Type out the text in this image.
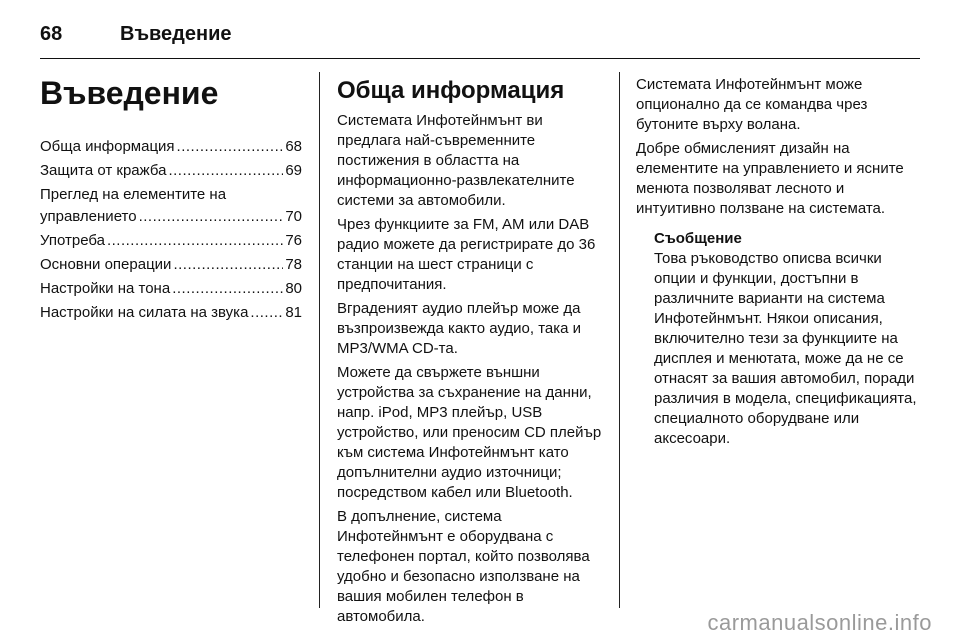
68	Въведение
Въведение
Обща информация .....	68
Защита от кражба .....	69
Преглед на елементите на
управлението .....	70
Употреба .....	76
Основни операции .....	78
Настройки на тона .....	80
Настройки на силата на звука ..... 81
Обща информация

Системата Инфотейнмънт ви предлага най-съвременните постижения в областта на информационно-развлекателните системи за автомобили.

Чрез функциите за FM, AM или DAB радио можете да регистрирате до 36 станции на шест страници с предпочитания.

Вграденият аудио плейър може да възпроизвежда както аудио, така и MP3/WMA CD-та.

Можете да свържете външни устройства за съхранение на данни, напр. iPod, MP3 плейър, USB устройство, или преносим CD плейър към система Инфотейнмънт като допълнителни аудио източници; посредством кабел или Bluetooth.

В допълнение, система Инфотейнмънт е оборудвана с телефонен портал, който позволява удобно и безопасно използване на вашия мобилен телефон в автомобила.

Системата Инфотейнмънт може опционално да се командва чрез бутоните върху волана.

Добре обмисленият дизайн на елементите на управлението и ясните менюта позволяват лесното и интуитивно ползване на системата.

Съобщение

Това ръководство описва всички опции и функции, достъпни в различните варианти на система Инфотейнмънт. Някои описания, включително тези за функциите на дисплея и менютата, може да не се отнасят за вашия автомобил, поради различия в модела, спецификацията, специалното оборудване или аксесоари.

carmanualsonline.info
